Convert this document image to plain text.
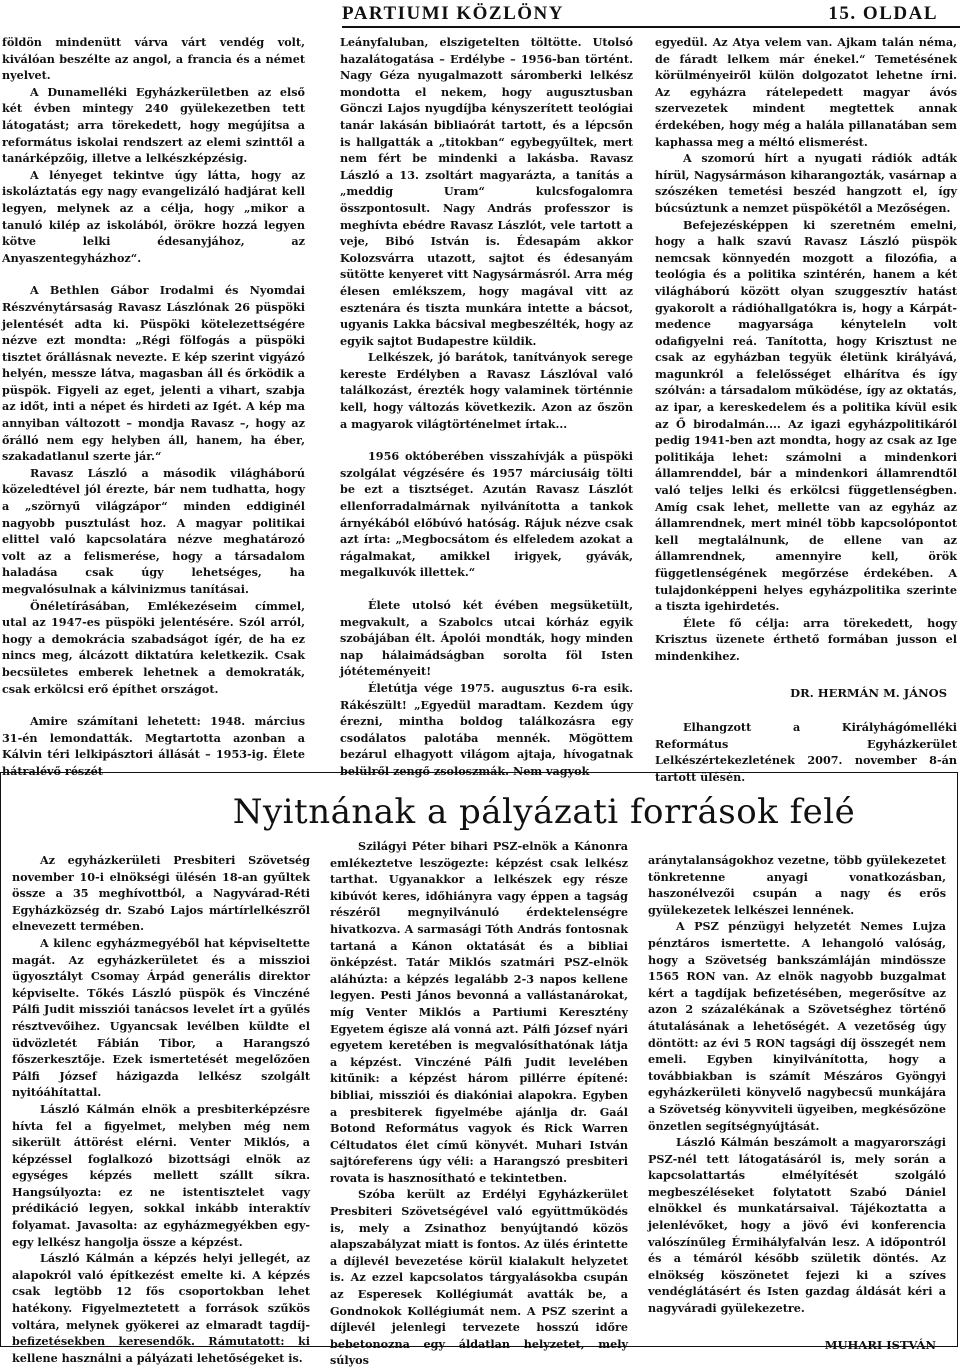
PARTIUMI KÖZLÖNY	15. OLDAL

földön mindenütt várva várt vendég volt, kiválóan beszélte az angol, a francia és a német nyelvet.

A Dunamelléki Egyházkerületben az első két évben mintegy 240 gyülekezetben tett látogatást; arra törekedett, hogy megújítsa a református iskolai rendszert az elemi szinttől a tanárképzőig, illetve a lelkészképzésig.

A lényeget tekintve úgy látta, hogy az iskoláztatás egy nagy evangelizáló hadjárat kell legyen, melynek az a célja, hogy „mikor a tanuló kilép az iskolából, örökre hozzá legyen kötve lelki édesanyjához, az Anyaszentegyházhoz“.

A Bethlen Gábor Irodalmi és Nyomdai Részvénytársaság Ravasz Lászlónak 26 püspöki jelentését adta ki. Püspöki kötelezettségére nézve ezt mondta: „Régi fölfogás a püspöki tisztet őrállásnak nevezte. E kép szerint vigyázó helyén, messze látva, magasban áll és őrködik a püspök. Figyeli az eget, jelenti a vihart, szabja az időt, inti a népet és hirdeti az Igét. A kép ma annyiban változott – mondja Ravasz –, hogy az őrálló nem egy helyben áll, hanem, ha éber, szakadatlanul szerte jár.“

Ravasz László a második világháború közeledtével jól érezte, bár nem tudhatta, hogy a „szörnyű világzápor“ minden eddiginél nagyobb pusztulást hoz. A magyar politikai elittel való kapcsolatára nézve meghatározó volt az a felismerése, hogy a társadalom haladása csak úgy lehetséges, ha megvalósulnak a kálvinizmus tanításai.

Önéletírásában, Emlékezéseim címmel, utal az 1947-es püspöki jelentésére. Szól arról, hogy a demokrácia szabadságot ígér, de ha ez nincs meg, álcázott diktatúra keletkezik. Csak becsületes emberek lehetnek a demokraták, csak erkölcsi erő építhet országot.

Amire számítani lehetett: 1948. március 31-én lemondatták. Megtartotta azonban a Kálvin téri lelkipásztori állását – 1953-ig. Élete hátralévő részét

Leányfaluban, elszigetelten töltötte. Utolsó hazalátogatása – Erdélybe – 1956-ban történt. Nagy Géza nyugalmazott sáromberki lelkész mondotta el nekem, hogy augusztusban Gönczi Lajos nyugdíjba kényszerített teológiai tanár lakásán bibliaórát tartott, és a lépcsőn is hallgatták a „titokban“ egybegyűltek, mert nem fért be mindenki a lakásba. Ravasz László a 13. zsoltárt magyarázta, a tanítás a „meddig Uram“ kulcsfogalomra összpontosult. Nagy András professzor is meghívta ebédre Ravasz Lászlót, vele tartott a veje, Bibó István is. Édesapám akkor Kolozsvárra utazott, sajtot és édesanyám sütötte kenyeret vitt Nagysármásról. Arra még élesen emlékszem, hogy magával vitt az esztenára és tiszta munkára intette a bácsot, ugyanis Lakka bácsival megbeszélték, hogy az egyik sajtot Budapestre küldik.

Lelkészek, jó barátok, tanítványok serege kereste Erdélyben a Ravasz Lászlóval való találkozást, érezték hogy valaminek történnie kell, hogy változás következik. Azon az őszön a magyarok világtörténelmet írtak...

1956 októberében visszahívják a püspöki szolgálat végzésére és 1957 márciusáig tölti be ezt a tisztséget. Azután Ravasz Lászlót ellenforradalmárnak nyilvánította a tankok árnyékából előbúvó hatóság. Rájuk nézve csak azt írta: „Megbocsátom és elfeledem azokat a rágalmakat, amikkel irigyek, gyávák, megalkuvók illettek.“

Élete utolsó két évében megsüketült, megvakult, a Szabolcs utcai kórház egyik szobájában élt. Ápolói mondták, hogy minden nap hálaimádságban sorolta föl Isten jótéteményeit!

Életútja vége 1975. augusztus 6-ra esik. Rákészült! „Egyedül maradtam. Kezdem úgy érezni, mintha boldog találkozásra egy csodálatos palotába mennék. Mögöttem bezárul elhagyott világom ajtaja, hívogatnak belülről zengő zsoloszmák. Nem vagyok

egyedül. Az Atya velem van. Ajkam talán néma, de fáradt lelkem már énekel.“ Temetésének körülményeiről külön dolgozatot lehetne írni. Az egyházra rátelepedett magyar ávós szervezetek mindent megtettek annak érdekében, hogy még a halála pillanatában sem kaphassa meg a méltó elismerést.

A szomorú hírt a nyugati rádiók adták hírül, Nagysármáson kiharangozták, vasárnap a szószéken temetési beszéd hangzott el, így búcsúztunk a nemzet püspökétől a Mezőségen.

Befejezésképpen ki szeretném emelni, hogy a halk szavú Ravasz László püspök nemcsak könnyedén mozgott a filozófia, a teológia és a politika szintérén, hanem a két világháború között olyan szuggesztív hatást gyakorolt a rádióhallgatókra is, hogy a Kárpát-medence magyarsága kényteleln volt odafigyelni reá. Tanította, hogy Krisztust ne csak az egyházban tegyük életünk királyává, magunkról a felelősséget elhárítva és így szólván: a társadalom működése, így az oktatás, az ipar, a kereskedelem és a politika kívül esik az Ő birodalmán.... Az igazi egyházpolitikáról pedig 1941-ben azt mondta, hogy az csak az Ige politikája lehet: számolni a mindenkori államrenddel, bár a mindenkori államrendtől való teljes lelki és erkölcsi függetlenségben. Amíg csak lehet, mellette van az egyház az államrendnek, mert minél több kapcsolópontot kell megtalálnunk, de ellene van az államrendnek, amennyire kell, örök függetlenségének megőrzése érdekében. A tulajdonképpeni helyes egyházpolitika szerinte a tiszta igehirdetés.

Élete fő célja: arra törekedett, hogy Krisztus üzenete érthető formában jusson el mindenkihez.

DR. HERMÁN M. JÁNOS

Elhangzott a Királyhágómelléki Református Egyházkerület Lelkészértekezletének 2007. november 8-án tartott ülésén.

Nyitnának a pályázati források felé

Az egyházkerületi Presbiteri Szövetség november 10-i elnökségi ülésén 18-an gyűltek össze a 35 meghívottból, a Nagyvárad-Réti Egyházközség dr. Szabó Lajos mártírlelkészről elnevezett termében.

A kilenc egyházmegyéből hat képviseltette magát. Az egyházkerületet és a misszioi ügyosztályt Csomay Árpád generális direktor képviselte. Tőkés László püspök és Vinczéné Pálfi Judit missziói tanácsos levelet írt a gyűlés résztvevőihez. Ugyancsak levélben küldte el üdvözletét Fábián Tibor, a Harangszó főszerkesztője. Ezek ismertetését megelőzően Pálfi József házigazda lelkész szolgált nyitóáhítattal.

László Kálmán elnök a presbiterképzésre hívta fel a figyelmet, melyben még nem sikerült áttörést elérni. Venter Miklós, a képzéssel foglalkozó bizottsági elnök az egységes képzés mellett szállt síkra. Hangsúlyozta: ez ne istentisztelet vagy prédikáció legyen, sokkal inkább interaktív folyamat. Javasolta: az egyházmegyékben egy-egy lelkész hangolja össze a képzést.

László Kálmán a képzés helyi jellegét, az alapokról való építkezést emelte ki. A képzés csak legtöbb 12 fős csoportokban lehet hatékony. Figyelmeztetett a források szűkös voltára, melynek gyökerei az elmaradt tagdíj-befizetésekben keresendők. Rámutatott: ki kellene használni a pályázati lehetőségeket is.

Szilágyi Péter bihari PSZ-elnök a Kánonra emlékeztetve leszögezte: képzést csak lelkész tarthat. Ugyanakkor a lelkészek egy része kibúvót keres, időhiányra vagy éppen a tagság részéről megnyilvánuló érdektelenségre hivatkozva. A sarmasági Tóth András fontosnak tartaná a Kánon oktatását és a bibliai önképzést. Tatár Miklós szatmári PSZ-elnök aláhúzta: a képzés legalább 2-3 napos kellene legyen. Pesti János bevonná a vallástanárokat, míg Venter Miklós a Partiumi Keresztény Egyetem égisze alá vonná azt. Pálfi József nyári egyetem keretében is megvalósíthatónak látja a képzést. Vinczéné Pálfi Judit levelében kitűnik: a képzést három pillérre építené: bibliai, missziói és diakóniai alapokra. Egyben a presbiterek figyelmébe ajánlja dr. Gaál Botond Református vagyok és Rick Warren Céltudatos élet című könyvét. Muhari István sajtóreferens úgy véli: a Harangszó presbiteri rovata is hasznosítható e tekintetben.

Szóba került az Erdélyi Egyházkerület Presbiteri Szövetségével való együttműködés is, mely a Zsinathoz benyújtandó közös alapszabályzat miatt is fontos. Az ülés érintette a díjlevél bevezetése körül kialakult helyzetet is. Az ezzel kapcsolatos tárgyalásokba csupán az Esperesek Kollégiumát avatták be, a Gondnokok Kollégiumát nem. A PSZ szerint a díjlevél jelenlegi tervezete hosszú időre bebetonozna egy áldatlan helyzetet, mely súlyos

aránytalanságokhoz vezetne, több gyülekezetet tönkretenne anyagi vonatkozásban, haszonélvezői csupán a nagy és erős gyülekezetek lelkészei lennének.

A PSZ pénzügyi helyzetét Nemes Lujza pénztáros ismertette. A lehangoló valóság, hogy a Szövetség bankszámláján mindössze 1565 RON van. Az elnök nagyobb buzgalmat kért a tagdíjak befizetésében, megerősítve az azon 2 százalékának a Szövetséghez történő átutalásának a lehetőségét. A vezetőség úgy döntött: az évi 5 RON tagsági díj összegét nem emeli. Egyben kinyilvánította, hogy a továbbiakban is számít Mészáros Gyöngyi egyházkerületi könyvelő nagybecsű munkájára a Szövetség könyvviteli ügyeiben, megkésőzöne önzetlen segítségnyújtását.

László Kálmán beszámolt a magyarországi PSZ-nél tett látogatásáról is, mely során a kapcsolattartás elmélyítését szolgáló megbeszéléseket folytatott Szabó Dániel elnökkel és munkatársaival. Tájékoztatta a jelenlévőket, hogy a jövő évi konferencia valószínűleg Érmihályfalván lesz. A időpontról és a témáról később születik döntés. Az elnökség köszönetet fejezi ki a szíves vendéglátásért és Isten gazdag áldását kéri a nagyváradi gyülekezetre.

MUHARI ISTVÁN
